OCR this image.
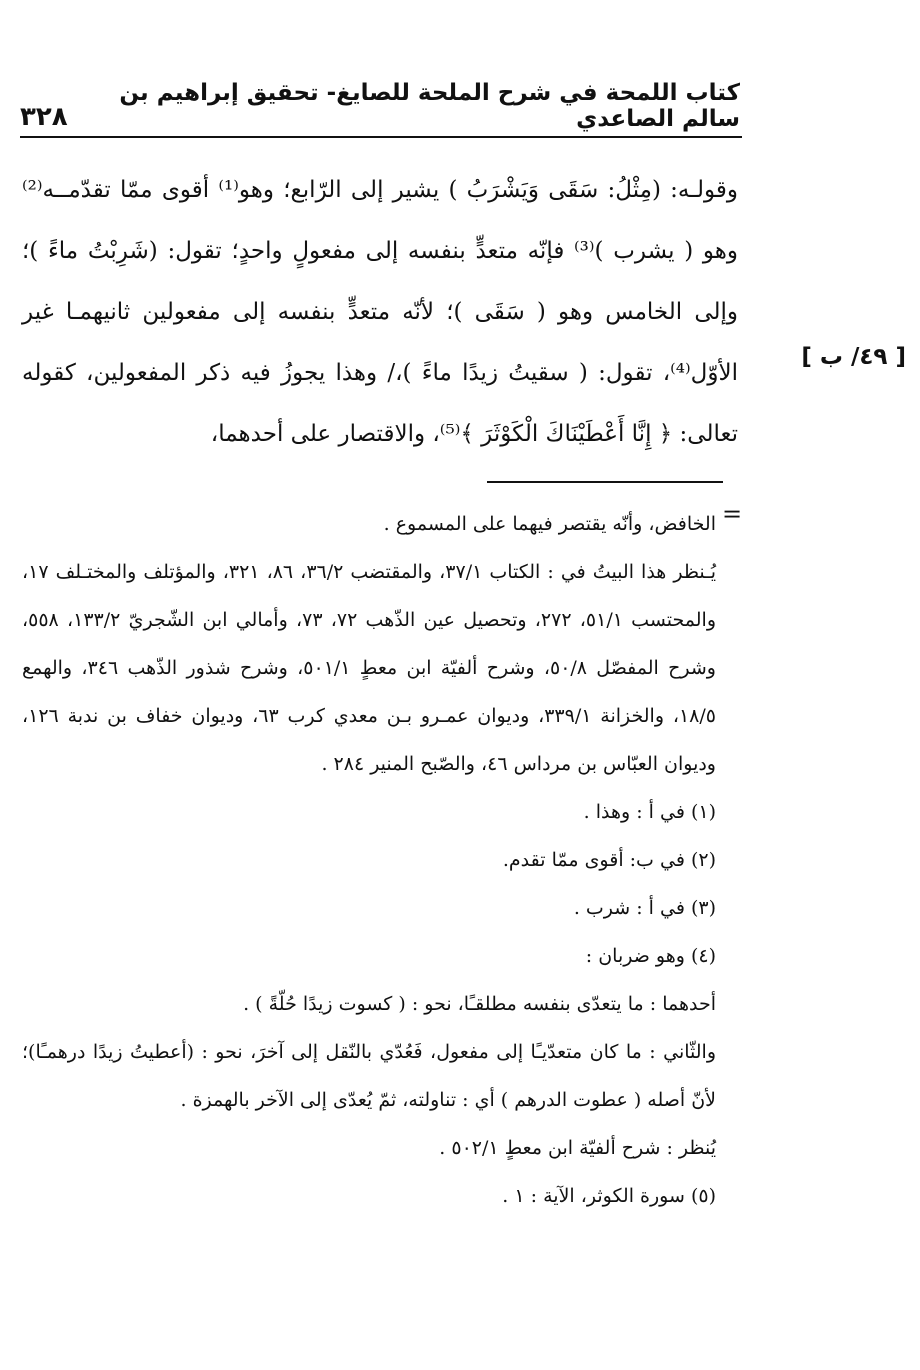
كتاب اللمحة في شرح الملحة للصايغ- تحقيق إبراهيم بن سالم الصاعدي
٣٢٨
[ ٤٩/ ب ]

وقولـه: (مِثْلُ: سَقَى وَيَشْرَبُ ) يشير إلى الرّابع؛ وهو⁽¹⁾ أقوى ممّا تقدّمــه⁽²⁾ وهو ( يشرب )⁽³⁾ فإنّه متعدٍّ بنفسه إلى مفعولٍ واحدٍ؛ تقول: (شَرِبْتُ ماءً )؛ وإلى الخامس وهو ( سَقَى )؛ لأنّه متعدٍّ بنفسه إلى مفعولين ثانيهمـا غير الأوّل⁽⁴⁾، تقول: ( سقيتُ زيدًا ماءً )،/ وهذا يجوزُ فيه ذكر المفعولين، كقوله تعالى: ﴿ إِنَّا أَعْطَيْنَاكَ الْكَوْثَرَ ﴾⁽⁵⁾، والاقتصار على أحدهما،

=

الخافض، وأنّه يقتصر فيهما على المسموع .

يُـنظر هذا البيتُ في : الكتاب ٣٧/١، والمقتضب ٣٦/٢، ٨٦، ٣٢١، والمؤتلف والمختـلف ١٧، والمحتسب ٥١/١، ٢٧٢، وتحصيل عين الذّهب ٧٢، ٧٣، وأمالي ابن الشّجريّ ١٣٣/٢، ٥٥٨، وشرح المفصّل ٥٠/٨، وشرح ألفيّة ابن معطٍ ٥٠١/١، وشرح شذور الذّهب ٣٤٦، والهمع ١٨/٥، والخزانة ٣٣٩/١، وديوان عمـرو بـن معدي كرب ٦٣، وديوان خفاف بن ندبة ١٢٦، وديوان العبّاس بن مرداس ٤٦، والصّبح المنير ٢٨٤ .

(١) في أ : وهذا .

(٢) في ب: أقوى ممّا تقدم.

(٣) في أ : شرب .

(٤) وهو ضربان :

أحدهما : ما يتعدّى بنفسه مطلقـًا، نحو : ( كسوت زيدًا حُلّةً ) .

والثّاني : ما كان متعدّيـًا إلى مفعول، فَعُدّي بالنّقل إلى آخرَ، نحو : (أعطيتُ زيدًا درهمـًا)؛ لأنّ أصله ( عطوت الدرهم ) أي : تناولته، ثمّ يُعدّى إلى الآخر بالهمزة .

يُنظر : شرح ألفيّة ابن معطٍ ٥٠٢/١ .

(٥) سورة الكوثر، الآية : ١ .
